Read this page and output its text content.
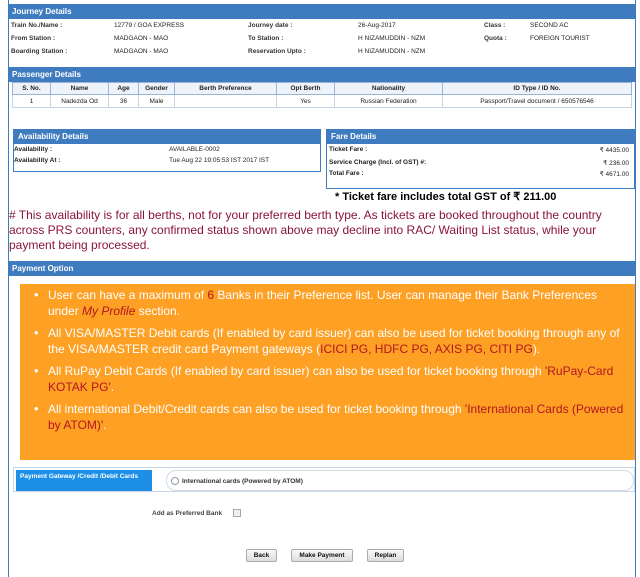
Journey Details
Train No./Name :	12779 / GOA EXPRESS	Journey date :	26-Aug-2017	Class :	SECOND AC
From Station :	MADGAON - MAO	To Station :	H NIZAMUDDIN - NZM	Quota :	FOREIGN TOURIST
Boarding Station :	MADGAON - MAO	Reservation Upto :	H NIZAMUDDIN - NZM
Passenger Details
S. No.	Name	Age	Gender	Berth Preference	Opt Berth	Nationality	ID Type / ID No.
1	Nadezda Od	36	Male		Yes	Russian Federation	Passport/Travel document / 650576546
Availability Details
Availability :	AVAILABLE-0002
Availability At :	Tue Aug 22 19:05:53 IST 2017 IST
Fare Details
Ticket Fare :	₹ 4435.00
Service Charge (Incl. of GST) #:	₹ 236.00
Total Fare :	₹ 4671.00
* Ticket fare includes total GST of ₹ 211.00
# This availability is for all berths, not for your preferred berth type. As tickets are booked throughout the country across PRS counters, any confirmed status shown above may decline into RAC/ Waiting List status, while your payment being processed.
Payment Option
• User can have a maximum of 6 Banks in their Preference list. User can manage their Bank Preferences under My Profile section.
• All VISA/MASTER Debit cards (If enabled by card issuer) can also be used for ticket booking through any of the VISA/MASTER credit card Payment gateways (ICICI PG, HDFC PG, AXIS PG, CITI PG).
• All RuPay Debit Cards (If enabled by card issuer) can also be used for ticket booking through 'RuPay-Card KOTAK PG'.
• All international Debit/Credit cards can also be used for ticket booking through 'International Cards (Powered by ATOM)'.
Payment Gateway /Credit /Debit Cards
International cards (Powered by ATOM)
Add as Preferred Bank
Back	Make Payment	Replan
